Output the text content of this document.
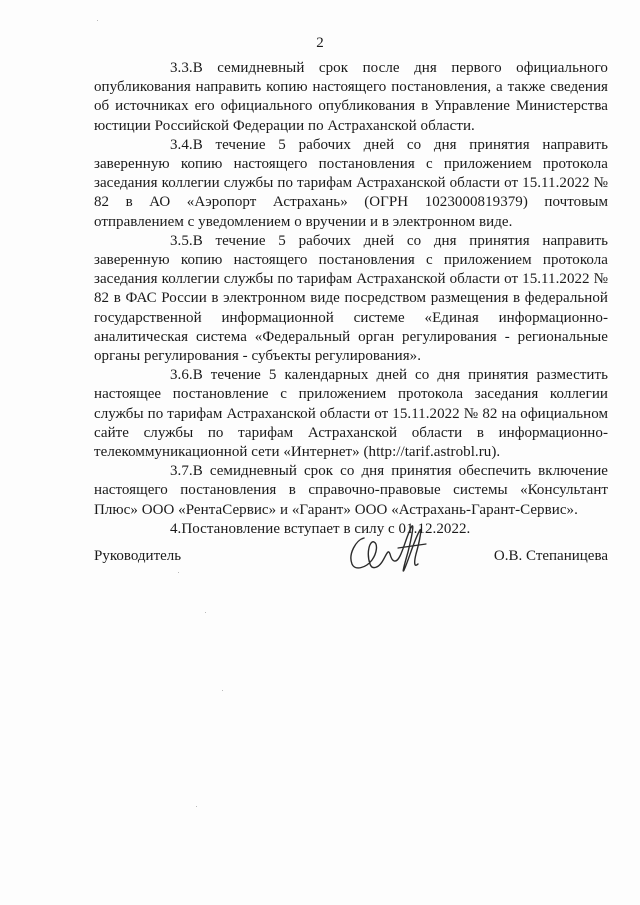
2

3.3.В семидневный срок после дня первого официального опубликования направить копию настоящего постановления, а также сведения об источниках его официального опубликования в Управление Министерства юстиции Российской Федерации по Астраханской области.

3.4.В течение 5 рабочих дней со дня принятия направить заверенную копию настоящего постановления с приложением протокола заседания коллегии службы по тарифам Астраханской области от 15.11.2022 № 82 в АО «Аэропорт Астрахань» (ОГРН 1023000819379) почтовым отправлением с уведомлением о вручении и в электронном виде.

3.5.В течение 5 рабочих дней со дня принятия направить заверенную копию настоящего постановления с приложением протокола заседания коллегии службы по тарифам Астраханской области от 15.11.2022 № 82 в ФАС России в электронном виде посредством размещения в федеральной государственной информационной системе «Единая информационно-аналитическая система «Федеральный орган регулирования - региональные органы регулирования - субъекты регулирования».

3.6.В течение 5 календарных дней со дня принятия разместить настоящее постановление с приложением протокола заседания коллегии службы по тарифам Астраханской области от 15.11.2022 № 82 на официальном сайте службы по тарифам Астраханской области в информационно-телекоммуникационной сети «Интернет» (http://tarif.astrobl.ru).

3.7.В семидневный срок со дня принятия обеспечить включение настоящего постановления в справочно-правовые системы «Консультант Плюс» ООО «РентаСервис» и «Гарант» ООО «Астрахань-Гарант-Сервис».

4.Постановление вступает в силу с 01.12.2022.

Руководитель	О.В. Степаницева
